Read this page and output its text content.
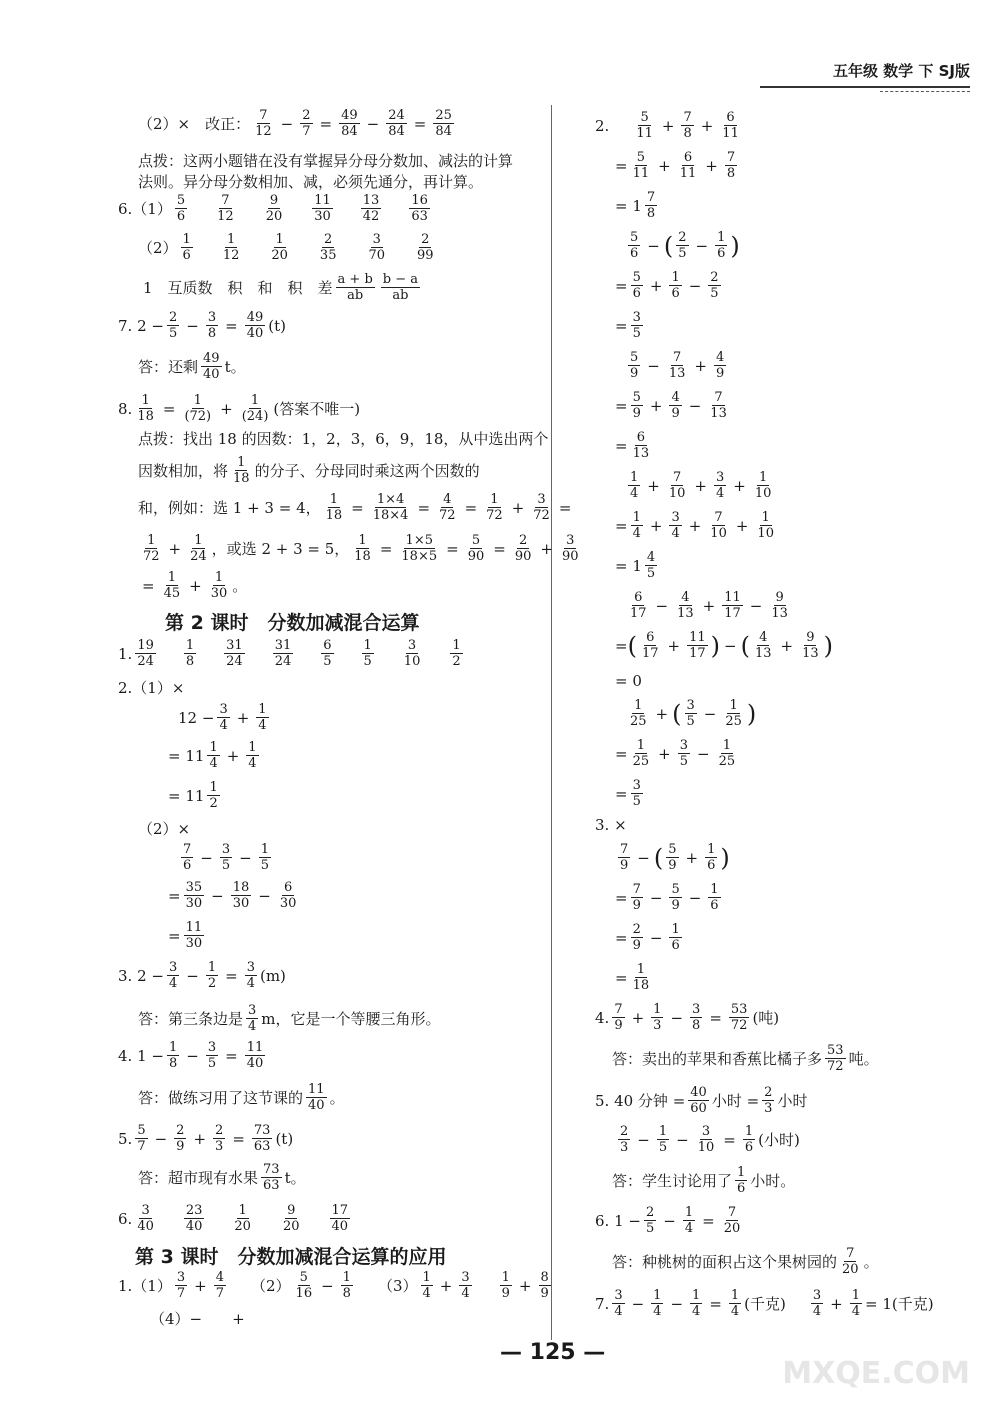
五年级 数学 下 SJ版
（2）×　改正： $\frac{7}{12} - \frac{2}{7} = \frac{49}{84} - \frac{24}{84} = \frac{25}{84}$
点拨：这两小题错在没有掌握异分母分数加、减法的计算
法则。异分母分数相加、减，必须先通分，再计算。
$6.(1) \frac{5}{6} \frac{7}{12} \frac{9}{20} \frac{11}{30} \frac{13}{42} \frac{16}{63}$
$(2) \frac{1}{6} \frac{1}{12} \frac{1}{20} \frac{2}{35} \frac{3}{70} \frac{2}{99}$
1　互质数　积　和　积　差 $\frac{a + b}{ab} \frac{b - a}{ab}$
7. $2 - \frac{2}{5} - \frac{3}{8} = \frac{49}{40} (t)$
答：还剩 $\frac{49}{40}$ t。
8. $\frac{1}{18} = \frac{1}{(72)} + \frac{1}{(24)}$ (答案不唯一)
点拨：找出 18 的因数：1，2，3，6，9，18，从中选出两个
因数相加，将 $\frac{1}{18}$ 的分子、分母同时乘这两个因数的
和，例如：选 1 + 3 = 4， $\frac{1}{18} = \frac{1\times 4}{18\times 4} = \frac{4}{72} = \frac{1}{72} + \frac{3}{72}$ =
$\frac{1}{72} + \frac{1}{24}$ ，或选 2 + 3 = 5， $\frac{1}{18} = \frac{1\times 5}{18\times 5} = \frac{5}{90} = \frac{2}{90} + \frac{3}{90}$
= $\frac{1}{45} + \frac{1}{30}$ 。
第 2 课时　分数加减混合运算
1. $\frac{19}{24} \frac{1}{8} \frac{31}{24} \frac{31}{24} \frac{6}{5} \frac{1}{5} \frac{3}{10} \frac{1}{2}$
2.（1）×
$12 - \frac{3}{4} + \frac{1}{4}$
= $11 \frac{1}{4} + \frac{1}{4}$
= $11 \frac{1}{2}$
（2）×
$\frac{7}{6} - \frac{3}{5} - \frac{1}{5}$
= $\frac{35}{30} - \frac{18}{30} - \frac{6}{30}$
= $\frac{11}{30}$
3. $2 - \frac{3}{4} - \frac{1}{2} = \frac{3}{4} (m)$
答：第三条边是 $\frac{3}{4}$ m，它是一个等腰三角形。
4. $1 - \frac{1}{8} - \frac{3}{5} = \frac{11}{40}$
答：做练习用了这节课的 $\frac{11}{40}$ 。
5. $\frac{5}{7} - \frac{2}{9} + \frac{2}{3} = \frac{73}{63} (t)$
答：超市现有水果 $\frac{73}{63}$ t。
6. $\frac{3}{40} \frac{23}{40} \frac{1}{20} \frac{9}{20} \frac{17}{40}$
第 3 课时　分数加减混合运算的应用
$1.(1) \frac{3}{7} + \frac{4}{7} (2) \frac{5}{16} - \frac{1}{8} (3) \frac{1}{4} + \frac{3}{4} \frac{1}{9} + \frac{8}{9}$
（4）−　　+
2. $\frac{5}{11} + \frac{7}{8} + \frac{6}{11}$
= $\frac{5}{11} + \frac{6}{11} + \frac{7}{8}$
= $1 \frac{7}{8}$
$\frac{5}{6}$ − ( $\frac{2}{5} - \frac{1}{6}$ )
= $\frac{5}{6} + \frac{1}{6} - \frac{2}{5}$
= $\frac{3}{5}$
$\frac{5}{9} - \frac{7}{13} + \frac{4}{9}$
= $\frac{5}{9} + \frac{4}{9} - \frac{7}{13}$
= $\frac{6}{13}$
$\frac{1}{4} + \frac{7}{10} + \frac{3}{4} + \frac{1}{10}$
= $\frac{1}{4} + \frac{3}{4} + \frac{7}{10} + \frac{1}{10}$
= $1 \frac{4}{5}$
$\frac{6}{17} - \frac{4}{13} + \frac{11}{17} - \frac{9}{13}$
= ( $\frac{6}{17} + \frac{11}{17}$ ) − ( $\frac{4}{13} + \frac{9}{13}$ )
= 0
$\frac{1}{25}$ + ( $\frac{3}{5} - \frac{1}{25}$ )
= $\frac{1}{25} + \frac{3}{5} - \frac{1}{25}$
= $\frac{3}{5}$
3. ×
$\frac{7}{9}$ − ( $\frac{5}{9} + \frac{1}{6}$ )
= $\frac{7}{9} - \frac{5}{9} - \frac{1}{6}$
= $\frac{2}{9} - \frac{1}{6}$
= $\frac{1}{18}$
4. $\frac{7}{9} + \frac{1}{3} - \frac{3}{8} = \frac{53}{72}$ (吨)
答：卖出的苹果和香蕉比橘子多 $\frac{53}{72}$ 吨。
5. 40 分钟 = $\frac{40}{60}$ 小时 = $\frac{2}{3}$ 小时
$\frac{2}{3} - \frac{1}{5} - \frac{3}{10} = \frac{1}{6}$ (小时)
答：学生讨论用了 $\frac{1}{6}$ 小时。
6. $1 - \frac{2}{5} - \frac{1}{4} = \frac{7}{20}$
答：种桃树的面积占这个果树园的 $\frac{7}{20}$ 。
7. $\frac{3}{4} - \frac{1}{4} - \frac{1}{4} = \frac{1}{4}$ (千克) $\frac{3}{4} + \frac{1}{4} = 1$(千克)
— 125 —
MXQE.COM
